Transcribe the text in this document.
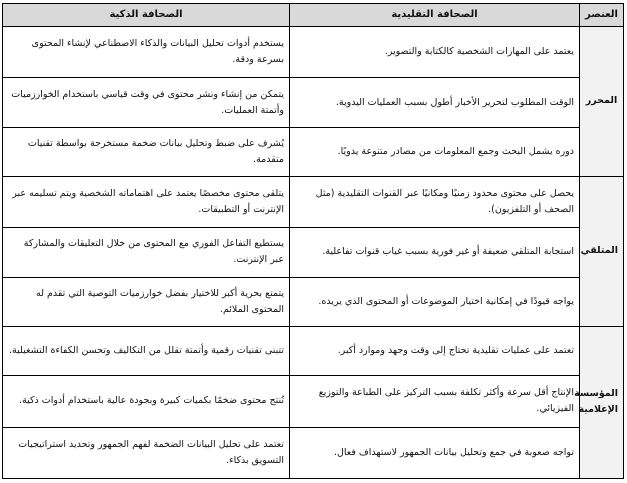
العنصر	الصحافة التقليدية	الصحافة الذكية
المحرر	يعتمد على المهارات الشخصية كالكتابة والتصوير.	يستخدم أدوات تحليل البيانات والذكاء الاصطناعي لإنشاء المحتوى بسرعة ودقة.
	الوقت المطلوب لتحرير الأخبار أطول بسبب العمليات اليدوية.	يتمكن من إنشاء ونشر محتوى في وقت قياسي باستخدام الخوارزميات وأتمتة العمليات.
	دوره يشمل البحث وجمع المعلومات من مصادر متنوعة يدويًا.	يُشرف على ضبط وتحليل بيانات ضخمة مستخرجة بواسطة تقنيات متقدمة.
المتلقي	يحصل على محتوى محدود زمنيًا ومكانيًا عبر القنوات التقليدية (مثل الصحف أو التلفزيون).	يتلقى محتوى مخصصًا يعتمد على اهتماماته الشخصية ويتم تسليمه عبر الإنترنت أو التطبيقات.
	استجابة المتلقي ضعيفة أو غير فورية بسبب غياب قنوات تفاعلية.	يستطيع التفاعل الفوري مع المحتوى من خلال التعليقات والمشاركة عبر الإنترنت.
	يواجه قيودًا في إمكانية اختيار الموضوعات أو المحتوى الذي يريده.	يتمتع بحرية أكبر للاختيار بفضل خوارزميات التوصية التي تقدم له المحتوى الملائم.
المؤسسة الإعلامية	تعتمد على عمليات تقليدية تحتاج إلى وقت وجهد وموارد أكبر.	تتبنى تقنيات رقمية وأتمتة تقلل من التكاليف وتحسن الكفاءة التشغيلية.
	الإنتاج أقل سرعة وأكثر تكلفة بسبب التركيز على الطباعة والتوزيع الفيزيائي.	تُنتج محتوى ضخمًا بكميات كبيرة وبجودة عالية باستخدام أدوات ذكية.
	تواجه صعوبة في جمع وتحليل بيانات الجمهور لاستهداف فعال.	تعتمد على تحليل البيانات الضخمة لفهم الجمهور وتحديد استراتيجيات التسويق بذكاء.
